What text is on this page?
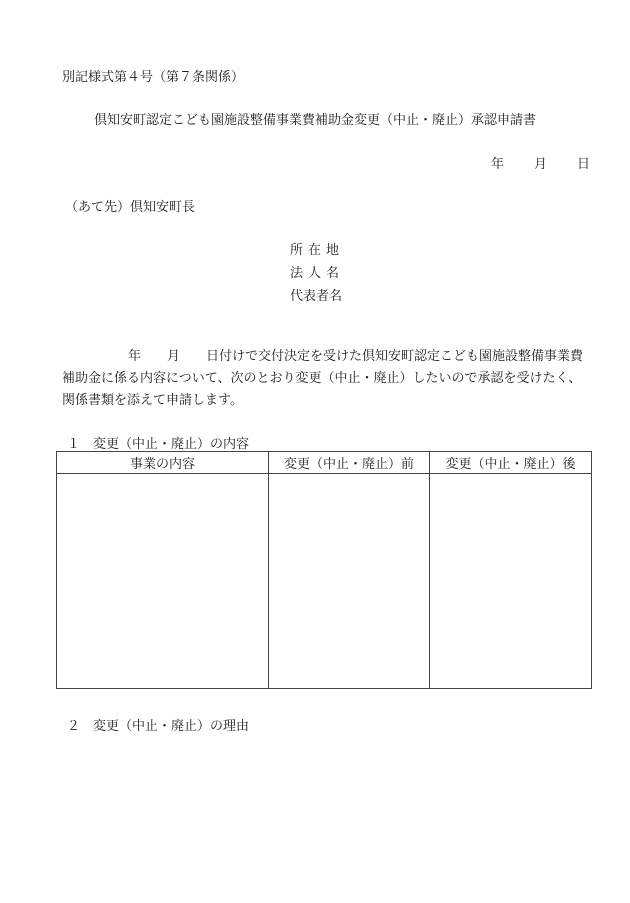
別記様式第４号（第７条関係）
倶知安町認定こども園施設整備事業費補助金変更（中止・廃止）承認申請書
年 月 日
（あて先）倶知安町長
所在地
法人名
代表者名
年　　月　　日付けで交付決定を受けた倶知安町認定こども園施設整備事業費補助金に係る内容について、次のとおり変更（中止・廃止）したいので承認を受けたく、関係書類を添えて申請します。
１　変更（中止・廃止）の内容
事業の内容	変更（中止・廃止）前	変更（中止・廃止）後

２　変更（中止・廃止）の理由
